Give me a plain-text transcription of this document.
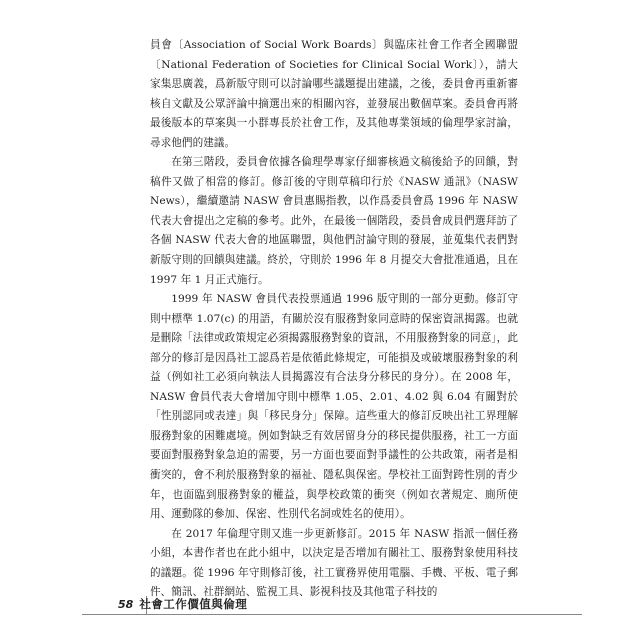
員會〔Association of Social Work Boards〕與臨床社會工作者全國聯盟〔National Federation of Societies for Clinical Social Work〕），請大家集思廣義，爲新版守則可以討論哪些議題提出建議，之後，委員會再重新審核自文獻及公眾評論中摘選出來的相關內容，並發展出數個草案。委員會再將最後版本的草案與一小群專長於社會工作，及其他專業領域的倫理學家討論，尋求他們的建議。

在第三階段，委員會依據各倫理學專家仔細審核過文稿後給予的回饋，對稿件又做了相當的修訂。修訂後的守則草稿印行於《NASW 通訊》（NASW News），繼續邀請 NASW 會員惠賜指教，以作爲委員會爲 1996 年 NASW 代表大會提出之定稿的參考。此外，在最後一個階段，委員會成員們選拜訪了各個 NASW 代表大會的地區聯盟，與他們討論守則的發展，並蒐集代表們對新版守則的回饋與建議。終於，守則於 1996 年 8 月提交大會批准通過，且在 1997 年 1 月正式施行。

1999 年 NASW 會員代表投票通過 1996 版守則的一部分更動。修訂守則中標準 1.07(c) 的用語，有關於沒有服務對象同意時的保密資訊揭露。也就是刪除「法律或政策規定必須揭露服務對象的資訊，不用服務對象的同意」，此部分的修訂是因爲社工認爲若是依循此條規定，可能損及或破壞服務對象的利益（例如社工必須向執法人員揭露沒有合法身分移民的身分）。在 2008 年，NASW 會員代表大會增加守則中標準 1.05、2.01、4.02 與 6.04 有關對於「性別認同或表達」與「移民身分」保障。這些重大的修訂反映出社工界理解服務對象的困難處境。例如對缺乏有效居留身分的移民提供服務，社工一方面要面對服務對象急迫的需要，另一方面也要面對爭議性的公共政策，兩者是相衝突的，會不利於服務對象的福祉、隱私與保密。學校社工面對跨性別的青少年，也面臨到服務對象的權益，與學校政策的衝突（例如衣著規定、廁所使用、運動隊的參加、保密、性別代名詞或姓名的使用）。

在 2017 年倫理守則又進一步更新修訂。2015 年 NASW 指派一個任務小組，本書作者也在此小組中，以決定是否增加有關社工、服務對象使用科技的議題。從 1996 年守則修訂後，社工實務界使用電腦、手機、平板、電子郵件、簡訊、社群網站、監視工具、影視科技及其他電子科技的

58 社會工作價值與倫理
